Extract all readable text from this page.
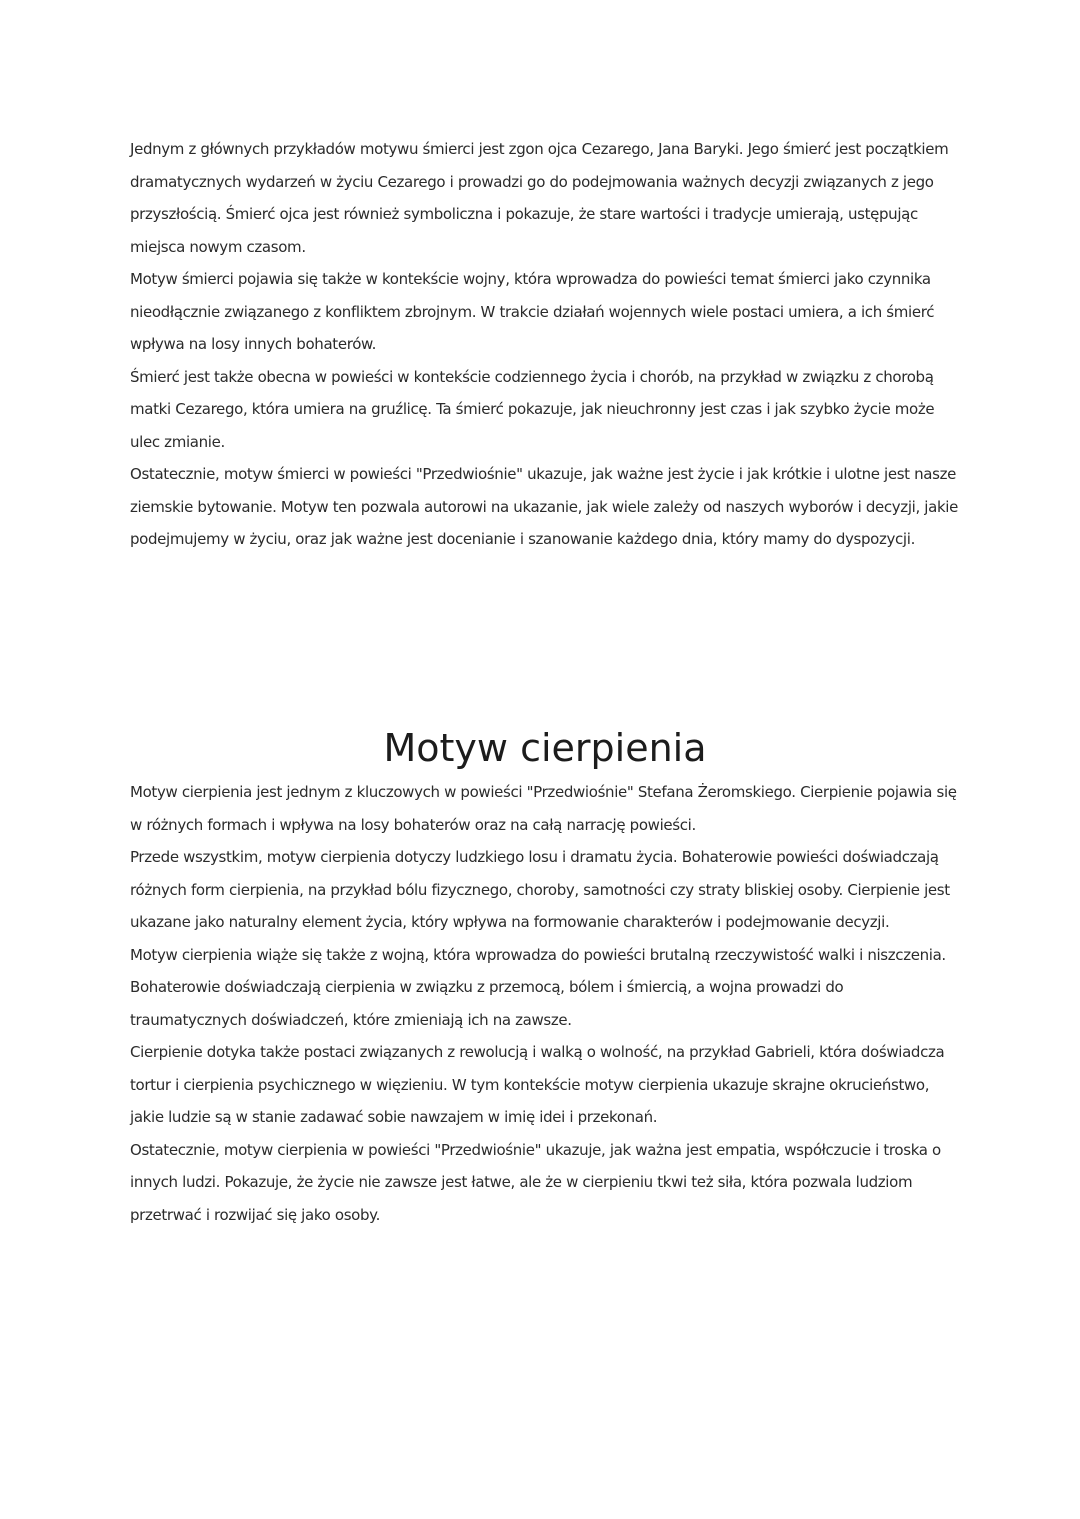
Jednym z głównych przykładów motywu śmierci jest zgon ojca Cezarego, Jana Baryki. Jego śmierć jest początkiem dramatycznych wydarzeń w życiu Cezarego i prowadzi go do podejmowania ważnych decyzji związanych z jego przyszłością. Śmierć ojca jest również symboliczna i pokazuje, że stare wartości i tradycje umierają, ustępując miejsca nowym czasom.

Motyw śmierci pojawia się także w kontekście wojny, która wprowadza do powieści temat śmierci jako czynnika nieodłącznie związanego z konfliktem zbrojnym. W trakcie działań wojennych wiele postaci umiera, a ich śmierć wpływa na losy innych bohaterów.

Śmierć jest także obecna w powieści w kontekście codziennego życia i chorób, na przykład w związku z chorobą matki Cezarego, która umiera na gruźlicę. Ta śmierć pokazuje, jak nieuchronny jest czas i jak szybko życie może ulec zmianie.

Ostatecznie, motyw śmierci w powieści "Przedwiośnie" ukazuje, jak ważne jest życie i jak krótkie i ulotne jest nasze ziemskie bytowanie. Motyw ten pozwala autorowi na ukazanie, jak wiele zależy od naszych wyborów i decyzji, jakie podejmujemy w życiu, oraz jak ważne jest docenianie i szanowanie każdego dnia, który mamy do dyspozycji.

Motyw cierpienia

Motyw cierpienia jest jednym z kluczowych w powieści "Przedwiośnie" Stefana Żeromskiego. Cierpienie pojawia się w różnych formach i wpływa na losy bohaterów oraz na całą narrację powieści.

Przede wszystkim, motyw cierpienia dotyczy ludzkiego losu i dramatu życia. Bohaterowie powieści doświadczają różnych form cierpienia, na przykład bólu fizycznego, choroby, samotności czy straty bliskiej osoby. Cierpienie jest ukazane jako naturalny element życia, który wpływa na formowanie charakterów i podejmowanie decyzji.

Motyw cierpienia wiąże się także z wojną, która wprowadza do powieści brutalną rzeczywistość walki i niszczenia. Bohaterowie doświadczają cierpienia w związku z przemocą, bólem i śmiercią, a wojna prowadzi do traumatycznych doświadczeń, które zmieniają ich na zawsze.

Cierpienie dotyka także postaci związanych z rewolucją i walką o wolność, na przykład Gabrieli, która doświadcza tortur i cierpienia psychicznego w więzieniu. W tym kontekście motyw cierpienia ukazuje skrajne okrucieństwo, jakie ludzie są w stanie zadawać sobie nawzajem w imię idei i przekonań.

Ostatecznie, motyw cierpienia w powieści "Przedwiośnie" ukazuje, jak ważna jest empatia, współczucie i troska o innych ludzi. Pokazuje, że życie nie zawsze jest łatwe, ale że w cierpieniu tkwi też siła, która pozwala ludziom przetrwać i rozwijać się jako osoby.
